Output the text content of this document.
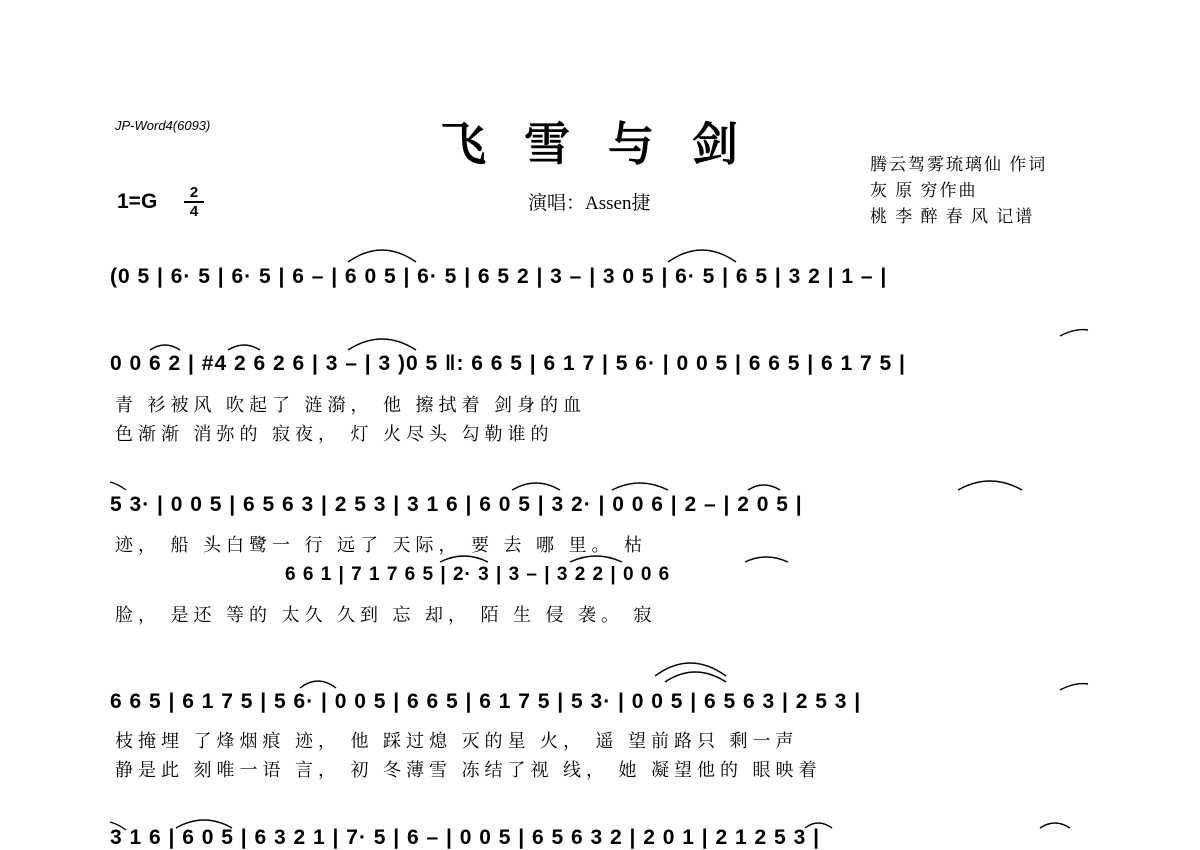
JP-Word4(6093)	飞雪与剑
1=G	2
4	演唱：Assen捷
腾云驾雾琉璃仙 作词
灰 原 穷作曲
桃 李 醉 春 风 记谱
(0 5 | 6· 5 | 6· 5 | 6 – | 6 0 5 | 6· 5 | 6 5 2 | 3 – | 3 0 5 | 6· 5 | 6 5 | 3 2 | 1 – |
0 0 6 2 | #4 2 6 2 6 | 3 – | 3 )0 5 ‖: 6 6 5 | 6 1 7 | 5 6· | 0 0 5 | 6 6 5 | 6 1 7 5 |
青 衫被风 吹起了 涟漪， 他 擦拭着 剑身的血
色渐渐 消弥的 寂夜， 灯 火尽头 勾勒谁的
5 3· | 0 0 5 | 6 5 6 3 | 2 5 3 | 3 1 6 | 6 0 5 | 3 2· | 0 0 6 | 2 – | 2 0 5 |
迹， 船 头白鹭一 行 远了 天际， 要 去 哪 里。 枯
6 6 1 | 7 1 7 6 5 | 2· 3 | 3 – | 3 2 2 | 0 0 6
脸， 是还 等的 太久 久到 忘 却， 陌 生 侵 袭。 寂
6 6 5 | 6 1 7 5 | 5 6· | 0 0 5 | 6 6 5 | 6 1 7 5 | 5 3· | 0 0 5 | 6 5 6 3 | 2 5 3 |
枝掩埋 了烽烟痕 迹， 他 踩过熄 灭的星 火， 遥 望前路只 剩一声
静是此 刻唯一语 言， 初 冬薄雪 冻结了视 线， 她 凝望他的 眼映着
3 1 6 | 6 0 5 | 6 3 2 1 | 7· 5 | 6 – | 0 0 5 | 6 5 6 3 2 | 2 0 1 | 2 1 2 5 3 |
